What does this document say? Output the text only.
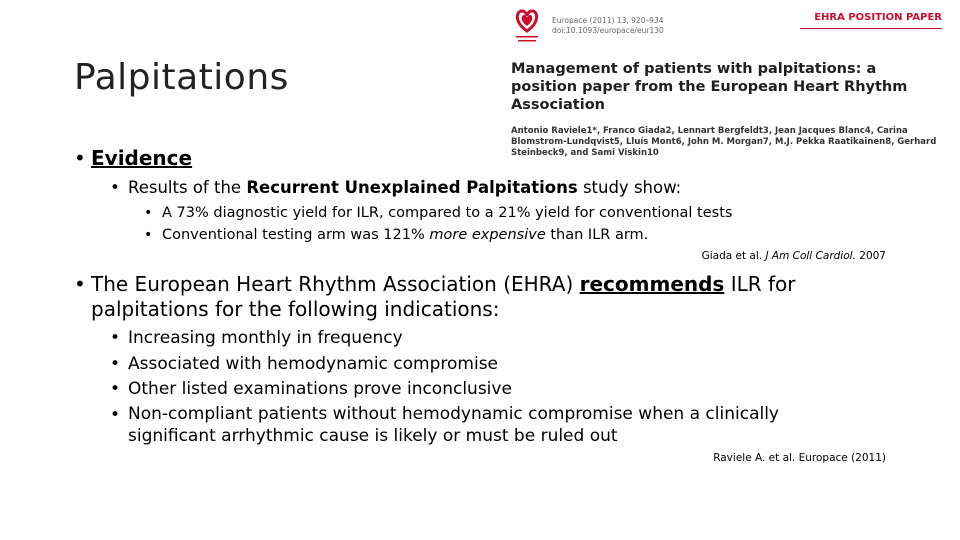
Palpitations
Europace (2011) 13, 920–934
doi:10.1093/europace/eur130
EHRA POSITION PAPER
Management of patients with palpitations: a position paper from the European Heart Rhythm Association
Antonio Raviele1*, Franco Giada2, Lennart Bergfeldt3, Jean Jacques Blanc4, Carina Blomstrom-Lundqvist5, Lluís Mont6, John M. Morgan7, M.J. Pekka Raatikainen8, Gerhard Steinbeck9, and Sami Viskin10
• Evidence
• Results of the Recurrent Unexplained Palpitations study show:
• A 73% diagnostic yield for ILR, compared to a 21% yield for conventional tests
• Conventional testing arm was 121% more expensive than ILR arm.
Giada et al. J Am Coll Cardiol. 2007
• The European Heart Rhythm Association (EHRA) recommends ILR for palpitations for the following indications:
• Increasing monthly in frequency
• Associated with hemodynamic compromise
• Other listed examinations prove inconclusive
• Non-compliant patients without hemodynamic compromise when a clinically significant arrhythmic cause is likely or must be ruled out
Raviele A. et al. Europace (2011)
